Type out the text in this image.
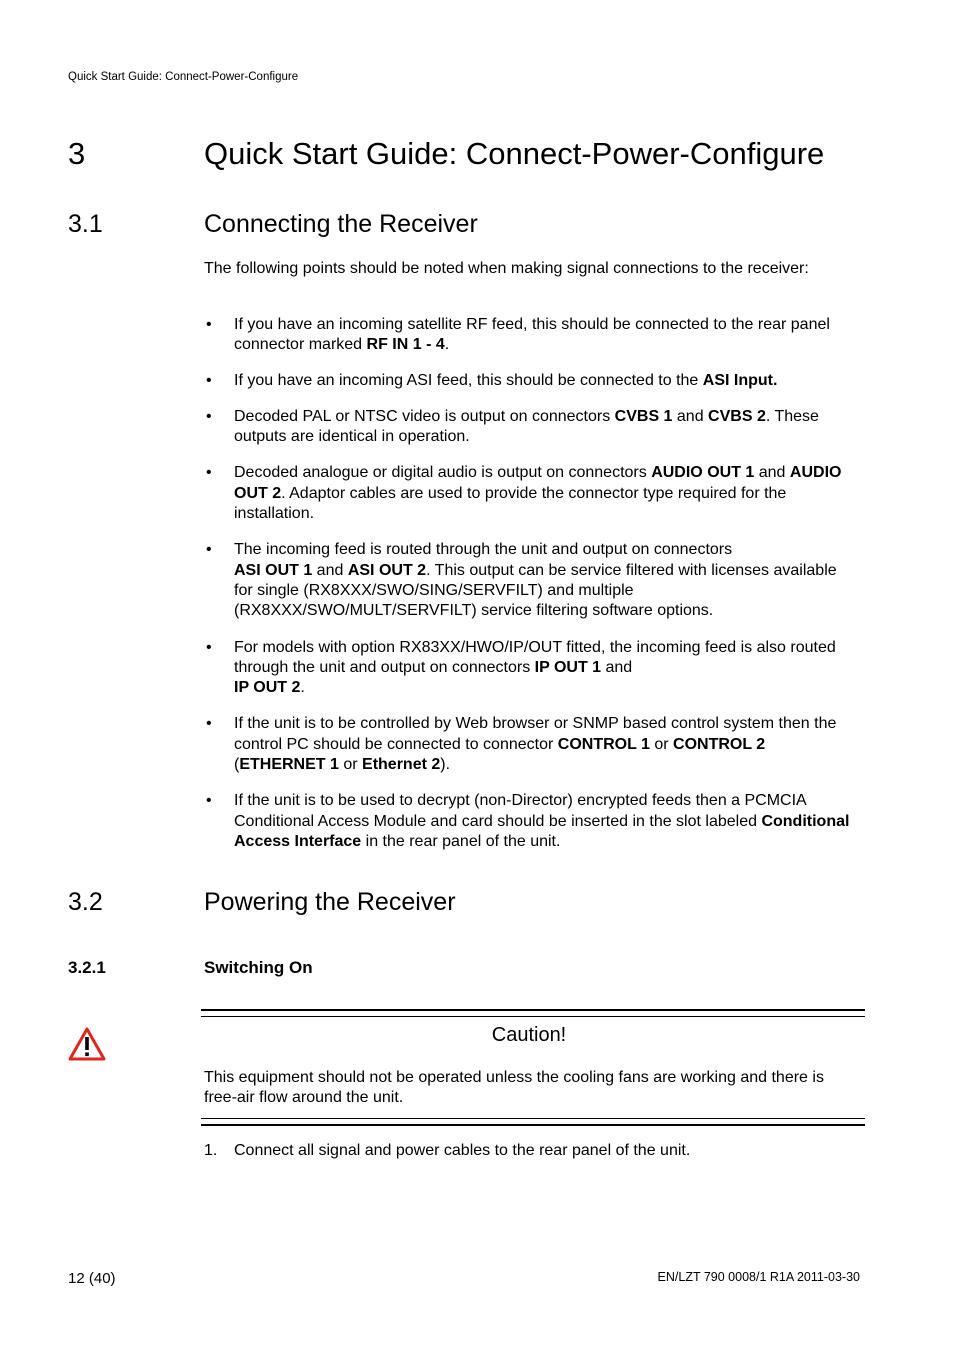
Quick Start Guide: Connect-Power-Configure
3	Quick Start Guide: Connect-Power-Configure
3.1	Connecting the Receiver
The following points should be noted when making signal connections to the receiver:
• If you have an incoming satellite RF feed, this should be connected to the rear panel connector marked RF IN 1 - 4.
• If you have an incoming ASI feed, this should be connected to the ASI Input.
• Decoded PAL or NTSC video is output on connectors CVBS 1 and CVBS 2. These outputs are identical in operation.
• Decoded analogue or digital audio is output on connectors AUDIO OUT 1 and AUDIO OUT 2. Adaptor cables are used to provide the connector type required for the installation.
• The incoming feed is routed through the unit and output on connectors
ASI OUT 1 and ASI OUT 2. This output can be service filtered with licenses available for single (RX8XXX/SWO/SING/SERVFILT) and multiple (RX8XXX/SWO/MULT/SERVFILT) service filtering software options.
• For models with option RX83XX/HWO/IP/OUT fitted, the incoming feed is also routed through the unit and output on connectors IP OUT 1 and
IP OUT 2.
• If the unit is to be controlled by Web browser or SNMP based control system then the control PC should be connected to connector CONTROL 1 or CONTROL 2 (ETHERNET 1 or Ethernet 2).
• If the unit is to be used to decrypt (non-Director) encrypted feeds then a PCMCIA Conditional Access Module and card should be inserted in the slot labeled Conditional Access Interface in the rear panel of the unit.
3.2	Powering the Receiver
3.2.1	Switching On
Caution!
This equipment should not be operated unless the cooling fans are working and there is free-air flow around the unit.
1. Connect all signal and power cables to the rear panel of the unit.
12 (40)	EN/LZT 790 0008/1 R1A 2011-03-30
